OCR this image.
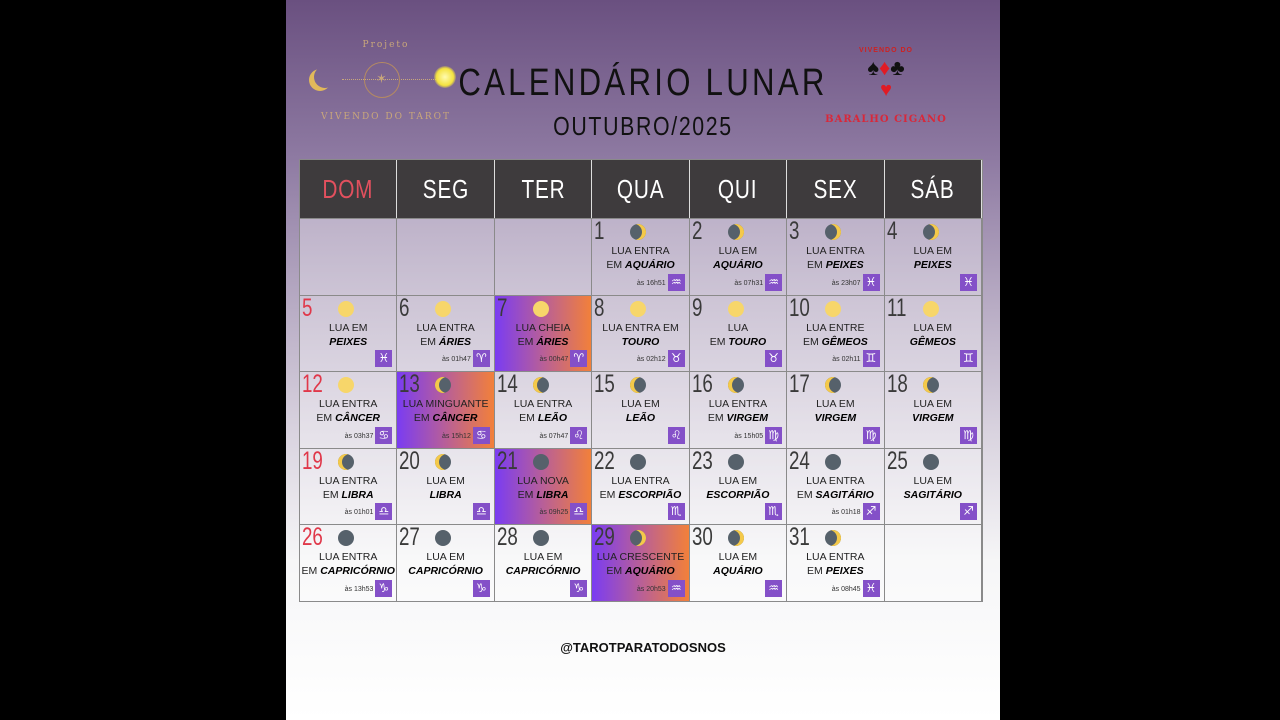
Projeto
✶
VIVENDO DO TAROT
CALENDÁRIO LUNAR
OUTUBRO/2025
VIVENDO DO
♠♦♣
♥
BARALHO CIGANO
DOM SEG TER QUA QUI SEX SÁB
1
LUA ENTRA
EM AQUÁRIO
às 16h51 ♒
2
LUA EM
AQUÁRIO
às 07h31 ♒
3
LUA ENTRA
EM PEIXES
às 23h07 ♓
4
LUA EM
PEIXES
♓
5
LUA EM
PEIXES
♓
6
LUA ENTRA
EM ÁRIES
às 01h47 ♈
7
LUA CHEIA
EM ÁRIES
às 00h47 ♈
8
LUA ENTRA EM
TOURO
às 02h12 ♉
9
LUA
EM TOURO
♉
10
LUA ENTRE
EM GÊMEOS
às 02h11 ♊
11
LUA EM
GÊMEOS
♊
12
LUA ENTRA
EM CÂNCER
às 03h37 ♋
13
LUA MINGUANTE
EM CÂNCER
às 15h12 ♋
14
LUA ENTRA
EM LEÃO
às 07h47 ♌
15
LUA EM
LEÃO
♌
16
LUA ENTRA
EM VIRGEM
às 15h05 ♍
17
LUA EM
VIRGEM
♍
18
LUA EM
VIRGEM
♍
19
LUA ENTRA
EM LIBRA
às 01h01 ♎
20
LUA EM
LIBRA
♎
21
LUA NOVA
EM LIBRA
às 09h25 ♎
22
LUA ENTRA
EM ESCORPIÃO
♏
23
LUA EM
ESCORPIÃO
♏
24
LUA ENTRA
EM SAGITÁRIO
às 01h18 ♐
25
LUA EM
SAGITÁRIO
♐
26
LUA ENTRA
EM CAPRICÓRNIO
às 13h53 ♑
27
LUA EM
CAPRICÓRNIO
♑
28
LUA EM
CAPRICÓRNIO
♑
29
LUA CRESCENTE
EM AQUÁRIO
às 20h53 ♒
30
LUA EM
AQUÁRIO
♒
31
LUA ENTRA
EM PEIXES
às 08h45 ♓
@TAROTPARATODOSNOS
